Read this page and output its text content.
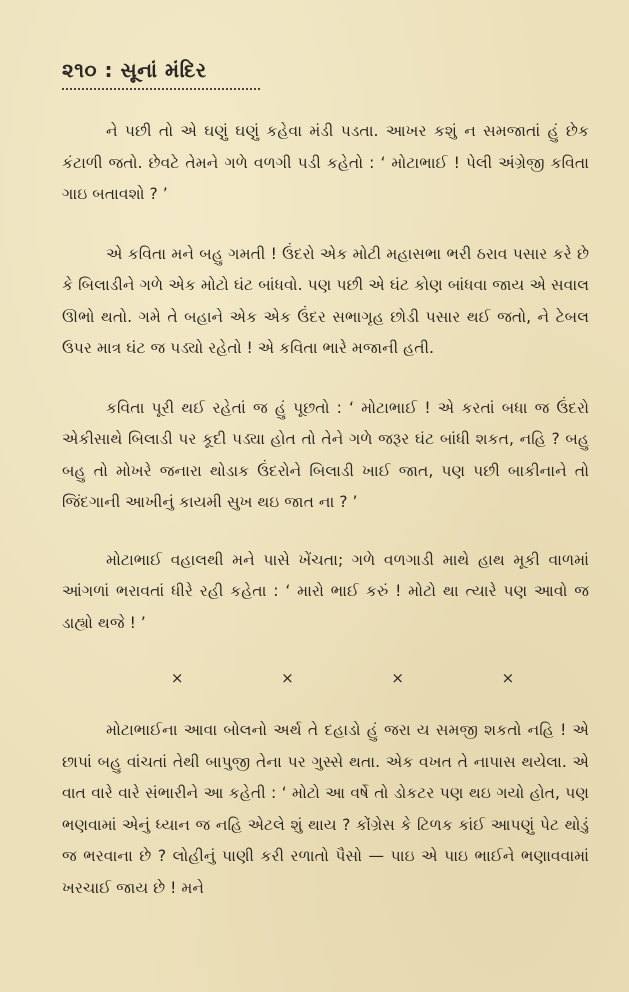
૨૧૦ : સૂનાં મંદિર

ને પછી તો એ ઘણું ઘણું કહેવા મંડી પડતા. આખર કશું ન સમજાતાં હું છેક કંટાળી જતો. છેવટે તેમને ગળે વળગી પડી કહેતો : ‘ મોટાભાઈ ! પેલી અંગ્રેજી કવિતા ગાઇ બતાવશો ? ’

એ કવિતા મને બહુ ગમતી ! ઉંદરો એક મોટી મહાસભા ભરી ઠરાવ પસાર કરે છે કે બિલાડીને ગળે એક મોટો ઘંટ બાંધવો. પણ પછી એ ઘંટ કોણ બાંધવા જાય એ સવાલ ઊભો થતો. ગમે તે બહાને એક એક ઉંદર સભાગૃહ છોડી પસાર થઈ જતો, ને ટેબલ ઉપર માત્ર ઘંટ જ પડ્યો રહેતો ! એ કવિતા ભારે મજાની હતી.

કવિતા પૂરી થઈ રહેતાં જ હું પૂછતો : ‘ મોટાભાઈ ! એ કરતાં બધા જ ઉંદરો એકીસાથે બિલાડી પર કૂદી પડ્યા હોત તો તેને ગળે જરૂર ઘંટ બાંધી શકત, નહિ ? બહુ બહુ તો મોખરે જનારા થોડાક ઉંદરોને બિલાડી ખાઈ જાત, પણ પછી બાકીનાને તો જિંદગાની આખીનું કાયમી સુખ થઇ જાત ના ? ’

મોટાભાઈ વહાલથી મને પાસે ખેંચતા; ગળે વળગાડી માથે હાથ મૂકી વાળમાં આંગળાં ભરાવતાં ધીરે રહી કહેતા : ‘ મારો ભાઈ કરું ! મોટો થા ત્યારે પણ આવો જ ડાહ્યો થજે ! ’

×	×	×	×

મોટાભાઈના આવા બોલનો અર્થ તે દહાડો હું જરા ય સમજી શકતો નહિ ! એ છાપાં બહુ વાંચતાં તેથી બાપુજી તેના પર ગુસ્સે થતા. એક વખત તે નાપાસ થયેલા. એ વાત વારે વારે સંભારીને આ કહેતી : ‘ મોટો આ વર્ષે તો ડોકટર પણ થઇ ગયો હોત, પણ ભણવામાં એનું ધ્યાન જ નહિ એટલે શું થાય ? કોંગ્રેસ કે ટિળક કાંઈ આપણું પેટ થોડું જ ભરવાના છે ? લોહીનું પાણી કરી રળાતો પૈસો — પાઇ એ પાઇ ભાઈને ભણાવવામાં ખરચાઈ જાય છે ! મને
